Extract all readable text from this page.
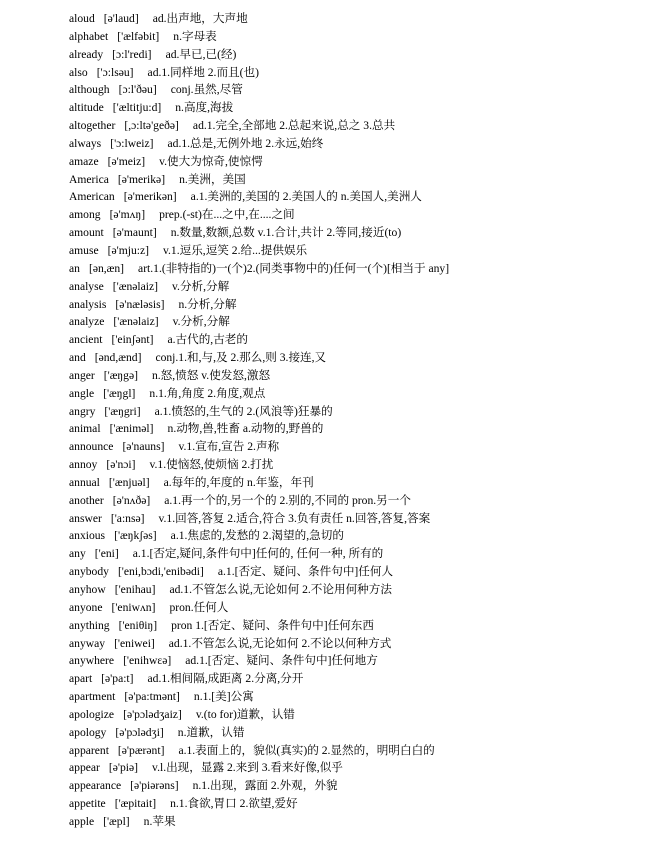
aloud [ə'laud] ad.出声地，大声地
alphabet ['ælfəbit] n.字母表
already [ɔ:l'redi] ad.早已,已(经)
also ['ɔ:lsəu] ad.1.同样地 2.而且(也)
although [ɔ:l'ðəu] conj.虽然,尽管
altitude ['æltitju:d] n.高度,海拔
altogether [,ɔ:ltə'geðə] ad.1.完全,全部地 2.总起来说,总之 3.总共
always ['ɔ:lweiz] ad.1.总是,无例外地 2.永远,始终
amaze [ə'meiz] v.使大为惊奇,使惊愕
America [ə'merikə] n.美洲，美国
American [ə'merikən] a.1.美洲的,美国的 2.美国人的 n.美国人,美洲人
among [ə'mʌŋ] prep.(-st)在...之中,在....之间
amount [ə'maunt] n.数量,数额,总数 v.1.合计,共计 2.等同,接近(to)
amuse [ə'mju:z] v.1.逗乐,逗笑 2.给...提供娱乐
an [ən,æn] art.1.(非特指的)一(个)2.(同类事物中的)任何一(个)[相当于 any]
analyse ['ænəlaiz] v.分析,分解
analysis [ə'næləsis] n.分析,分解
analyze ['ænəlaiz] v.分析,分解
ancient ['einʃənt] a.古代的,古老的
and [ənd,ænd] conj.1.和,与,及 2.那么,则 3.接连,又
anger ['æŋgə] n.怒,愤怒 v.使发怒,激怒
angle ['æŋgl] n.1.角,角度 2.角度,观点
angry ['æŋgri] a.1.愤怒的,生气的 2.(风浪等)狂暴的
animal ['æniməl] n.动物,兽,牲畜 a.动物的,野兽的
announce [ə'nauns] v.1.宣布,宣告 2.声称
annoy [ə'nɔi] v.1.使恼怒,使烦恼 2.打扰
annual ['ænjuəl] a.每年的,年度的 n.年鉴，年刊
another [ə'nʌðə] a.1.再一个的,另一个的 2.别的,不同的 pron.另一个
answer ['a:nsə] v.1.回答,答复 2.适合,符合 3.负有责任 n.回答,答复,答案
anxious ['æŋkʃəs] a.1.焦虑的,发愁的 2.渴望的,急切的
any ['eni] a.1.[否定,疑问,条件句中]任何的, 任何一种, 所有的
anybody ['eni,bɔdi,'enibədi] a.1.[否定、疑问、条件句中]任何人
anyhow ['enihau] ad.1.不管怎么说,无论如何 2.不论用何种方法
anyone ['eniwʌn] pron.任何人
anything ['eniθiŋ] pron 1.[否定、疑问、条件句中]任何东西
anyway ['eniwei] ad.1.不管怎么说,无论如何 2.不论以何种方式
anywhere ['enihwεə] ad.1.[否定、疑问、条件句中]任何地方
apart [ə'pa:t] ad.1.相间隔,成距离 2.分离,分开
apartment [ə'pa:tmənt] n.1.[美]公寓
apologize [ə'pɔlədʒaiz] v.(to for)道歉，认错
apology [ə'pɔlədʒi] n.道歉，认错
apparent [ə'pærənt] a.1.表面上的，貌似(真实)的 2.显然的，明明白白的
appear [ə'piə] v.l.出现，显露 2.来到 3.看来好像,似乎
appearance [ə'piərəns] n.1.出现，露面 2.外观，外貌
appetite ['æpitait] n.1.食欲,胃口 2.欲望,爱好
apple ['æpl] n.苹果
